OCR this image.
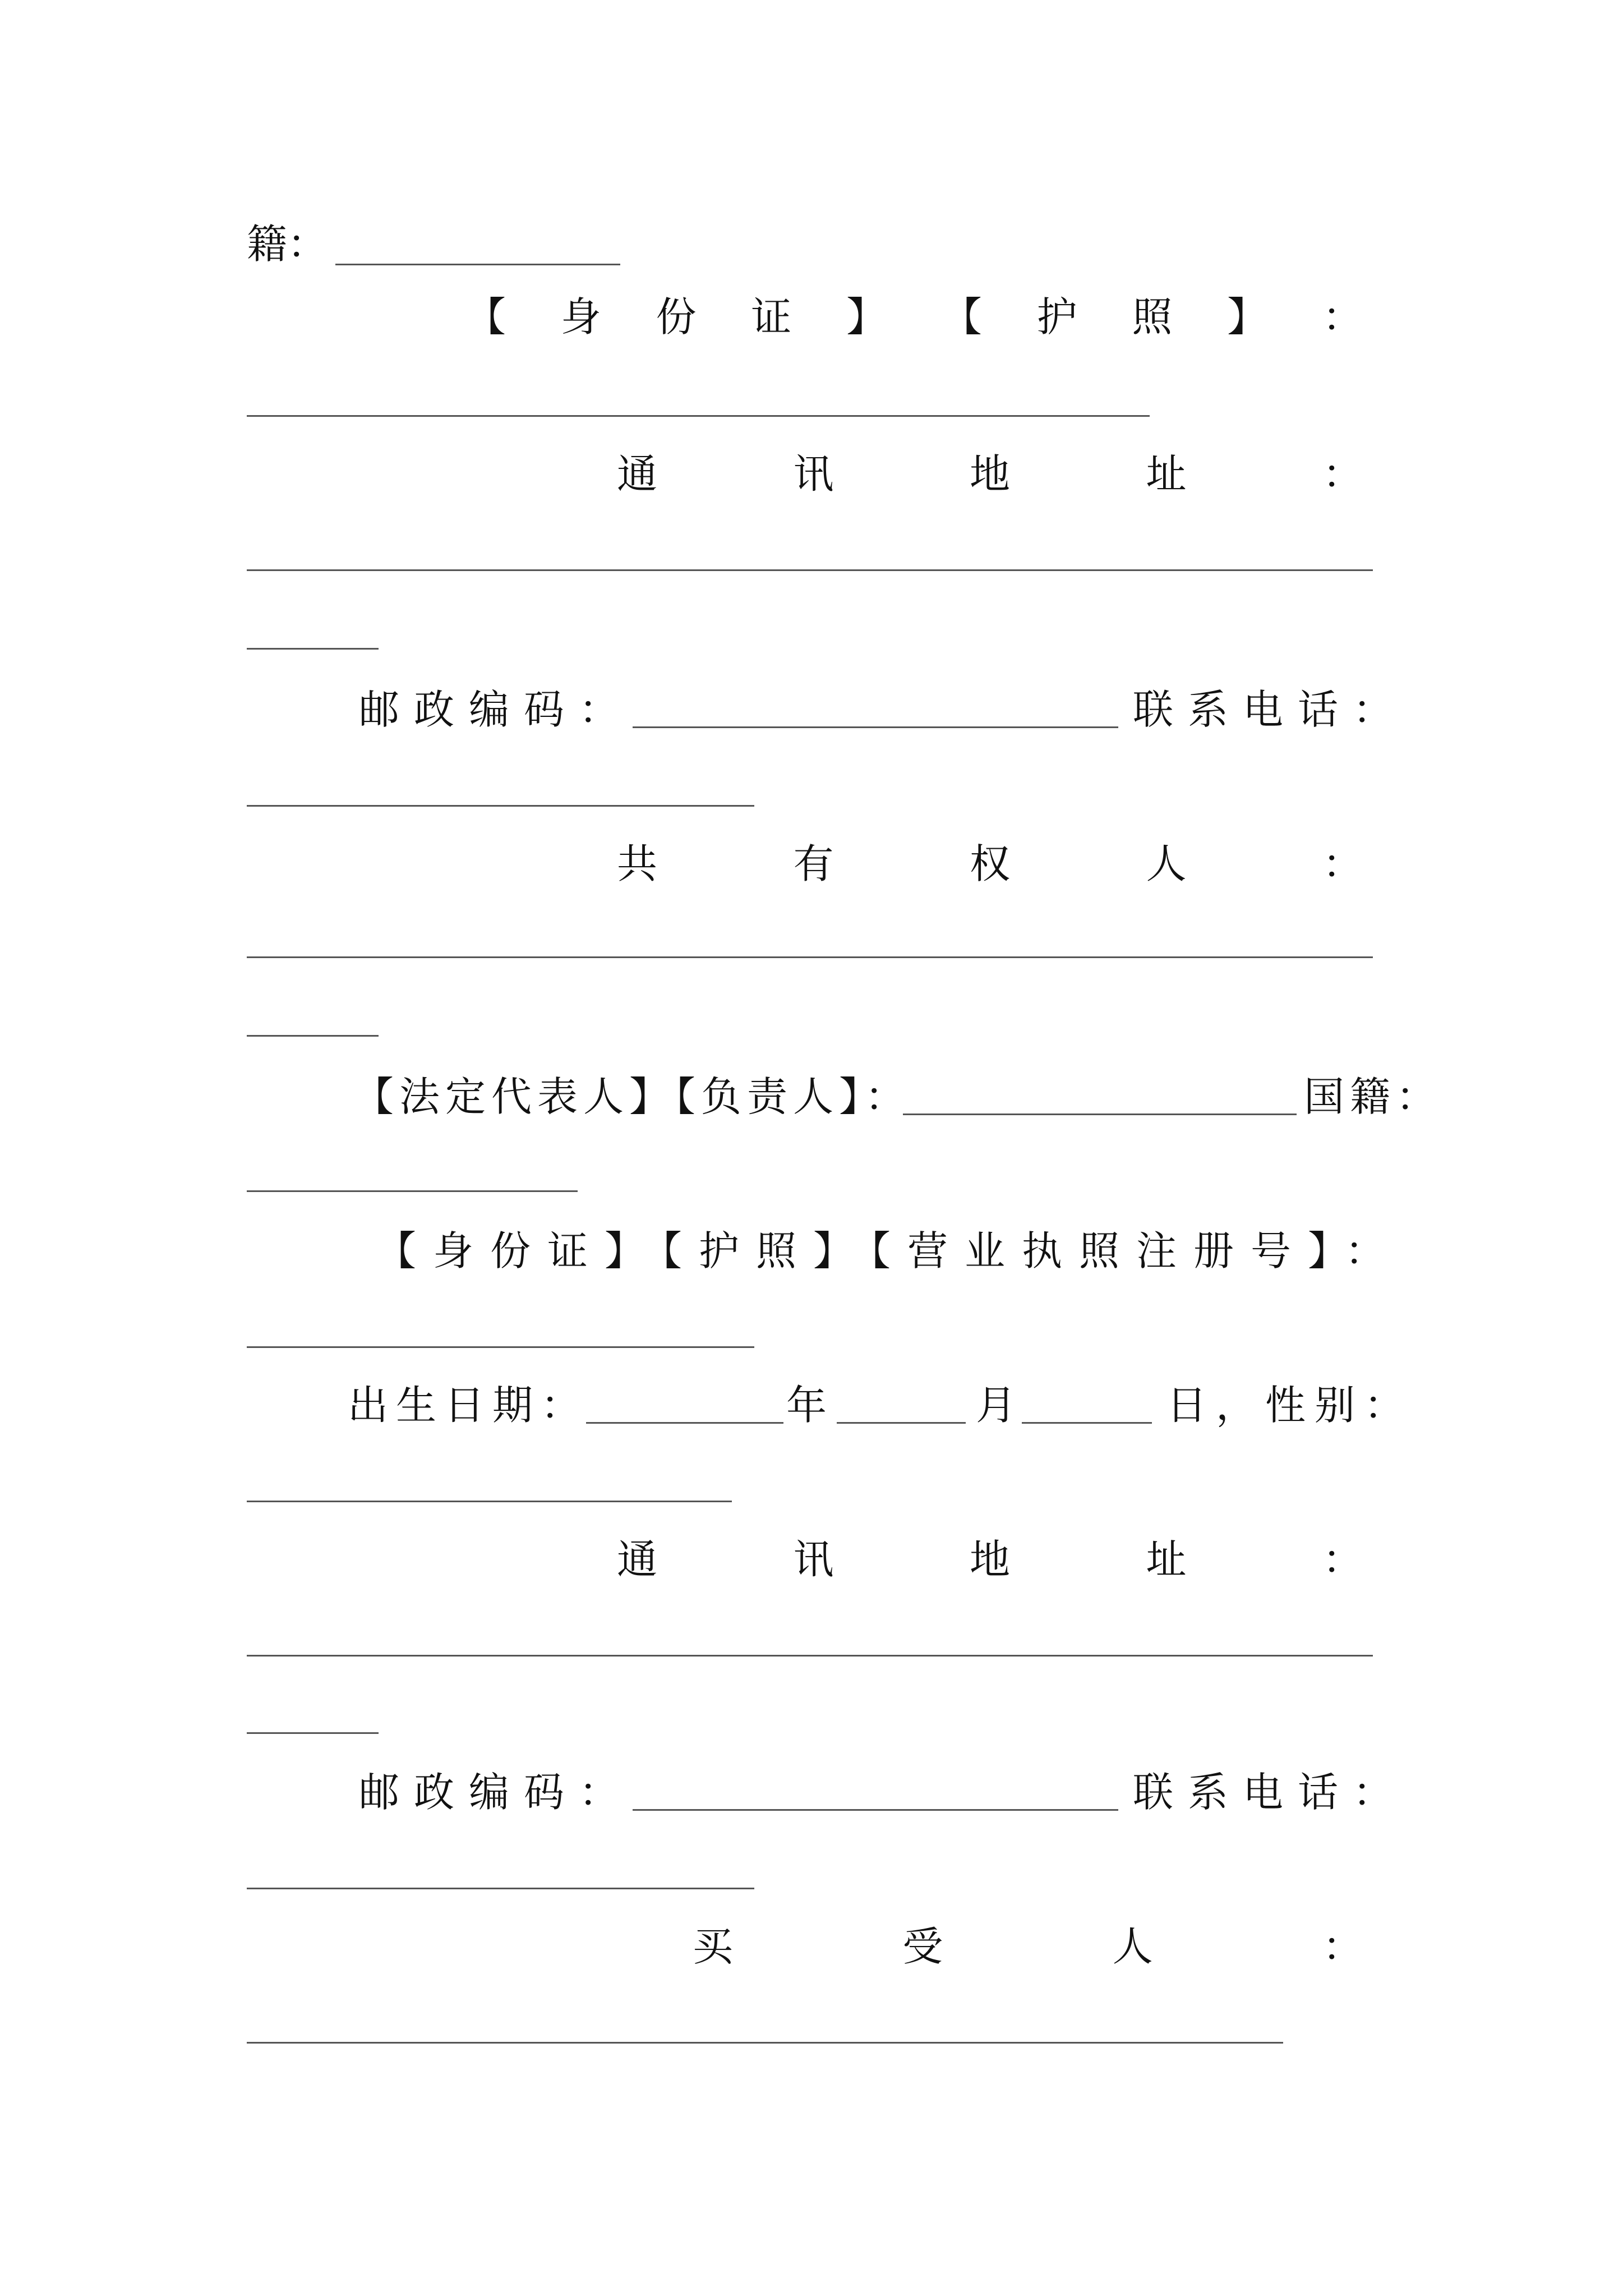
籍：
【 身 份 证 】 【 护 照 】 ：
通	讯	地	址	：
邮政编码：	联系电话：
共	有	权	人	：
【法定代表人】【负责人】：	国籍：
【身份证】【护照】【营业执照注册号】：
出生日期：	年	月	日，性别：
通	讯	地	址	：
邮政编码：	联系电话：
买	受	人	：
